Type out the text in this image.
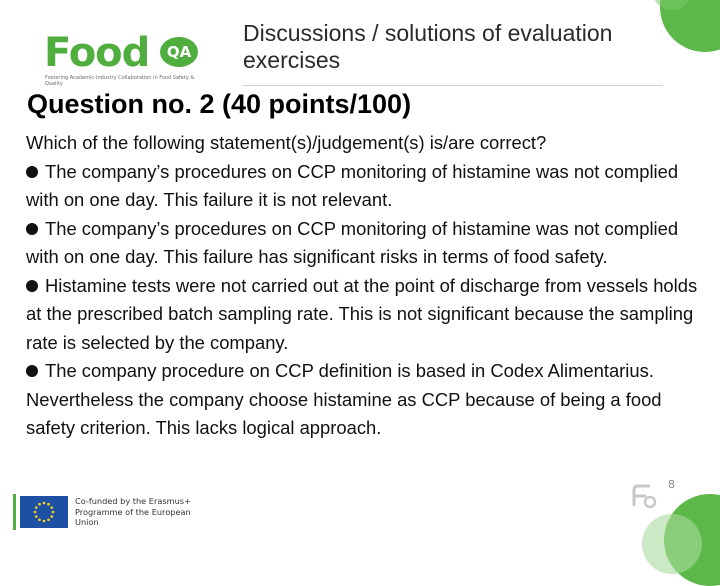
Food	QA
Fostering Academic-Industry Collaboration in Food Safety & Quality
Discussions / solutions of evaluation exercises
Question no. 2 (40 points/100)

Which of the following statement(s)/judgement(s) is/are correct?

The company’s procedures on CCP monitoring of histamine was not complied with on one day. This failure it is not relevant.

The company’s procedures on CCP monitoring of histamine was not complied with on one day. This failure has significant risks in terms of food safety.

Histamine tests were not carried out at the point of discharge from vessels holds at the prescribed batch sampling rate. This is not significant because the sampling rate is selected by the company.

The company procedure on CCP definition is based in Codex Alimentarius. Nevertheless the company choose histamine as CCP because of being a food safety criterion. This lacks logical approach.

Co-funded by the Erasmus+ Programme of the European Union
8
